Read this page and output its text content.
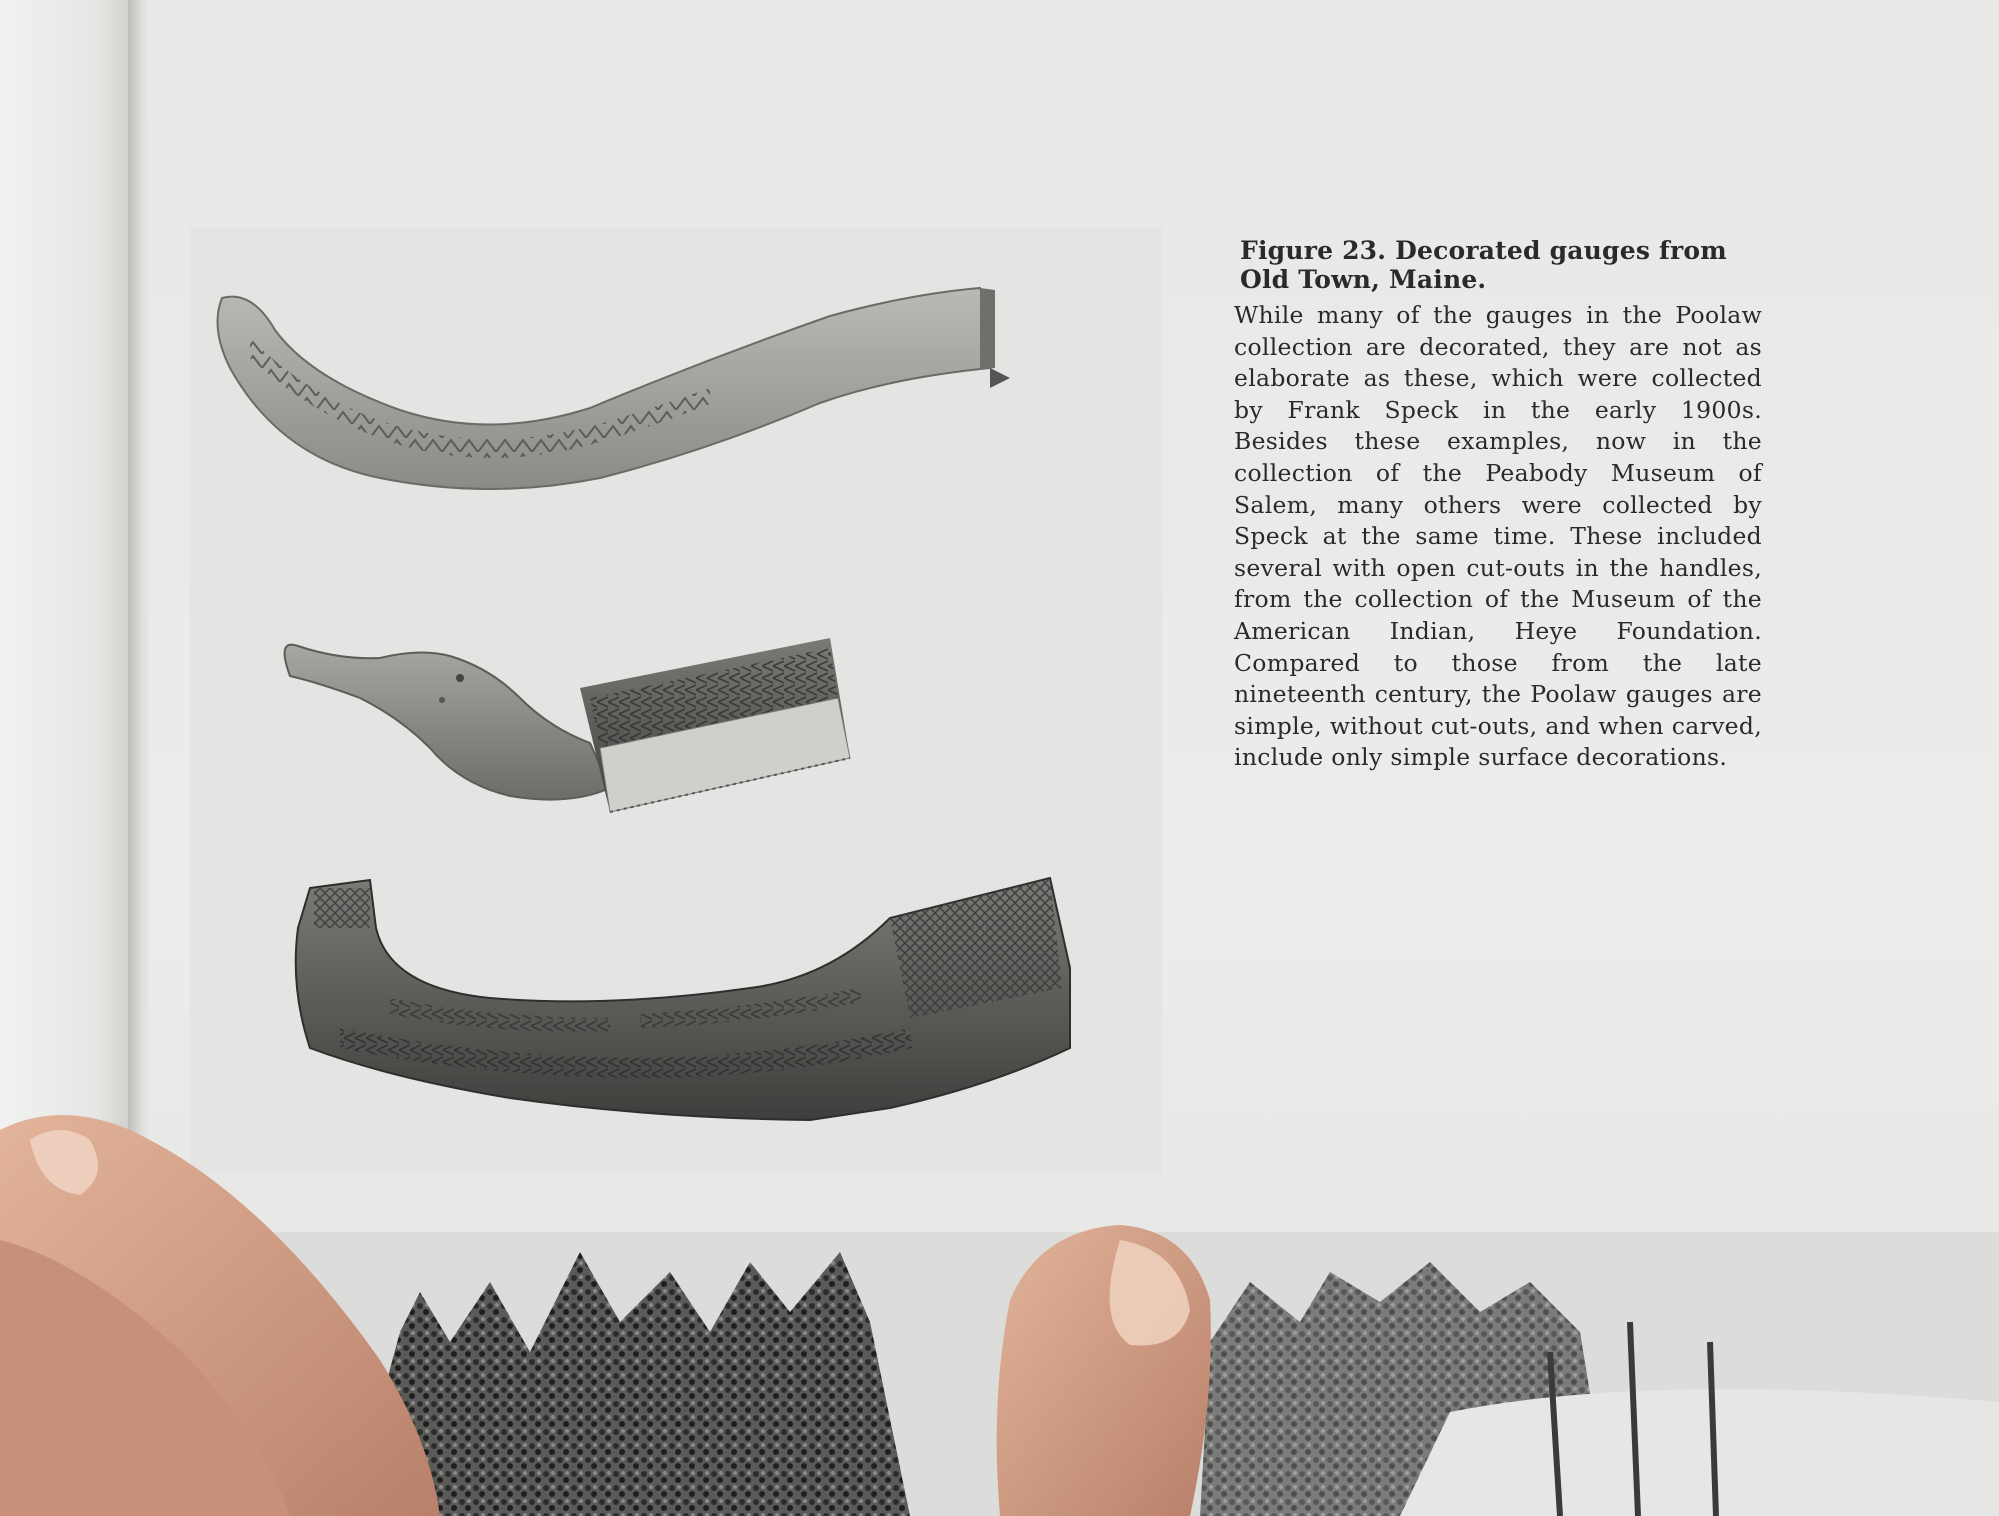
Figure 23. Decorated gauges from Old Town, Maine.

While many of the gauges in the Poolaw collection are decorated, they are not as elaborate as these, which were collected by Frank Speck in the early 1900s. Besides these examples, now in the collection of the Peabody Museum of Salem, many others were collected by Speck at the same time. These included several with open cut-outs in the handles, from the collection of the Museum of the American Indian, Heye Foundation. Compared to those from the late nineteenth century, the Poolaw gauges are simple, without cut-outs, and when carved, include only simple surface decorations.
